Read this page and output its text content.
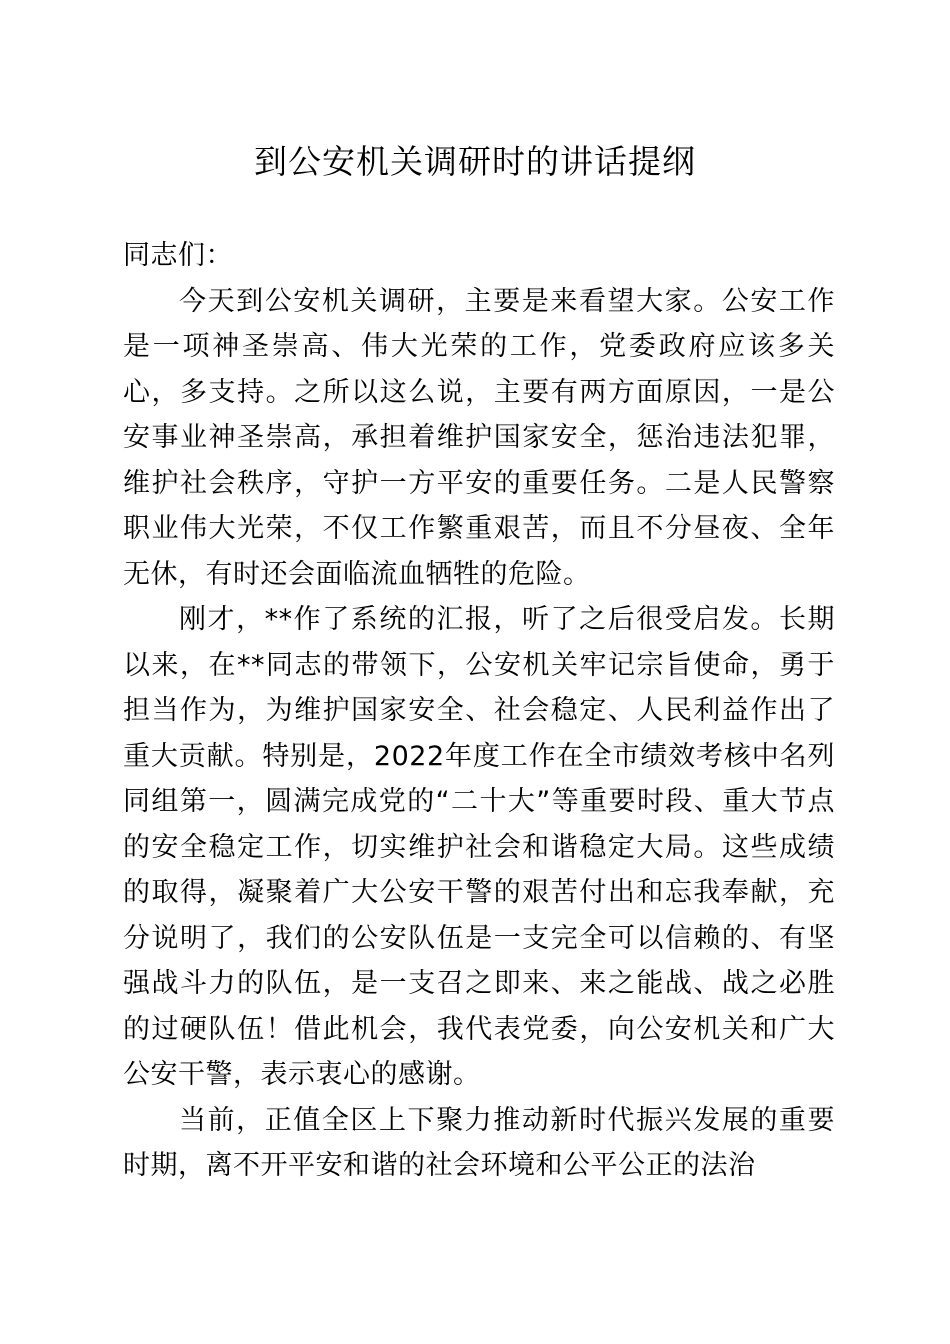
到公安机关调研时的讲话提纲

同志们：

今天到公安机关调研，主要是来看望大家。公安工作是一项神圣崇高、伟大光荣的工作，党委政府应该多关心，多支持。之所以这么说，主要有两方面原因，一是公安事业神圣崇高，承担着维护国家安全，惩治违法犯罪，维护社会秩序，守护一方平安的重要任务。二是人民警察职业伟大光荣，不仅工作繁重艰苦，而且不分昼夜、全年无休，有时还会面临流血牺牲的危险。

刚才，**作了系统的汇报，听了之后很受启发。长期以来，在**同志的带领下，公安机关牢记宗旨使命，勇于担当作为，为维护国家安全、社会稳定、人民利益作出了重大贡献。特别是，2022年度工作在全市绩效考核中名列同组第一，圆满完成党的“二十大”等重要时段、重大节点的安全稳定工作，切实维护社会和谐稳定大局。这些成绩的取得，凝聚着广大公安干警的艰苦付出和忘我奉献，充分说明了，我们的公安队伍是一支完全可以信赖的、有坚强战斗力的队伍，是一支召之即来、来之能战、战之必胜的过硬队伍！借此机会，我代表党委，向公安机关和广大公安干警，表示衷心的感谢。

当前，正值全区上下聚力推动新时代振兴发展的重要时期，离不开平安和谐的社会环境和公平公正的法治
